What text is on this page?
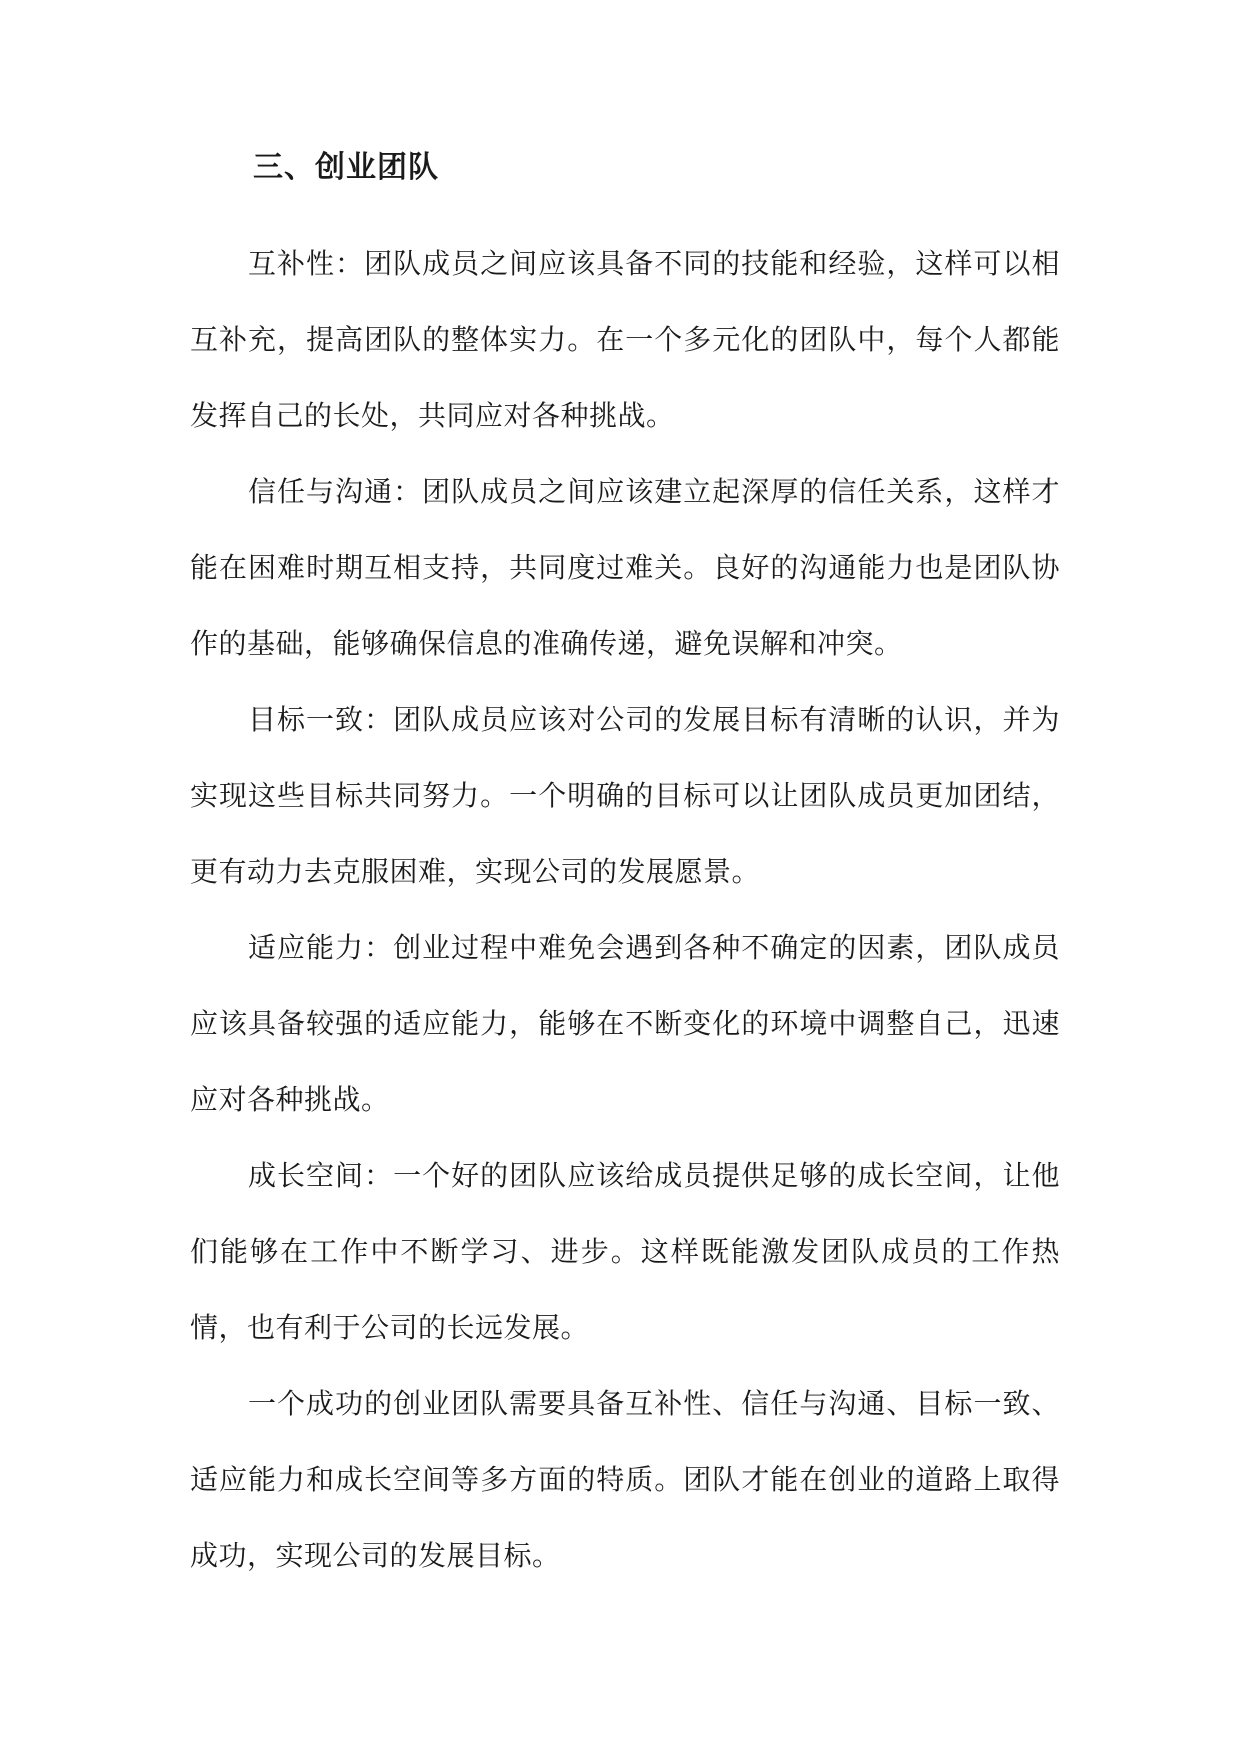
三、创业团队

互补性：团队成员之间应该具备不同的技能和经验，这样可以相互补充，提高团队的整体实力。在一个多元化的团队中，每个人都能发挥自己的长处，共同应对各种挑战。

信任与沟通：团队成员之间应该建立起深厚的信任关系，这样才能在困难时期互相支持，共同度过难关。良好的沟通能力也是团队协作的基础，能够确保信息的准确传递，避免误解和冲突。

目标一致：团队成员应该对公司的发展目标有清晰的认识，并为实现这些目标共同努力。一个明确的目标可以让团队成员更加团结，更有动力去克服困难，实现公司的发展愿景。

适应能力：创业过程中难免会遇到各种不确定的因素，团队成员应该具备较强的适应能力，能够在不断变化的环境中调整自己，迅速应对各种挑战。

成长空间：一个好的团队应该给成员提供足够的成长空间，让他们能够在工作中不断学习、进步。这样既能激发团队成员的工作热情，也有利于公司的长远发展。

一个成功的创业团队需要具备互补性、信任与沟通、目标一致、适应能力和成长空间等多方面的特质。团队才能在创业的道路上取得成功，实现公司的发展目标。
